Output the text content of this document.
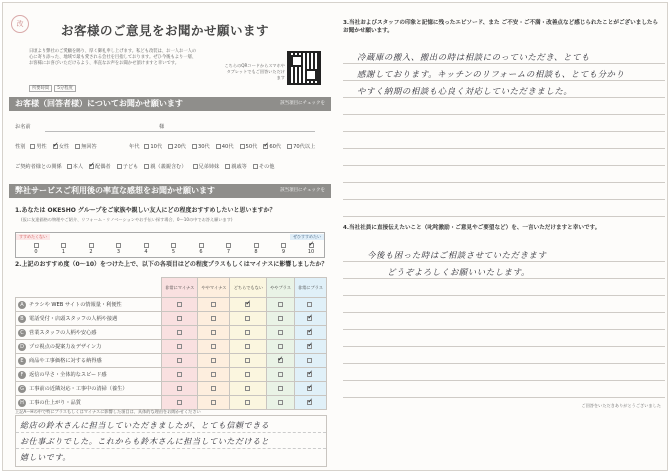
改	お客様のご意見をお聞かせ願います
日頃より弊社のご愛顧を賜り、厚く御礼申し上げます。私ども改装は、お一人お一人の心に寄り添った、地域で最も愛される会社を目指しております。ぜひ今後もより一層、お客様にお喜びいただけるよう、率直なお声をお聞かせ頂けますと幸いです。
所要時間 5分程度
こちらのQRコードからスマホやタブレットでもご回答いただけます
お客様（回答者様）についてお聞かせ願います	該当項目にチェックを
お名前	様
性別 男性 ✓ 女性 無回答	年代 10代 20代 30代 40代 50代 ✓ 60代 70代以上
ご契約者様との関係 本人 ✓ 配偶者 子ども 親（義親含む） 兄弟姉妹 親戚等 その他
弊社サービスご利用後の率直な感想をお聞かせ願います	該当項目にチェックを
1.あなたは OKESHO グループをご家族や親しい友人にどの程度おすすめしたいと思いますか？
(仮に友達価格の物理やご紹介、リフォーム・リノベーションやお手伝い探す場合、0〜10の中でお答え願います)
すすめたくない	ぜひすすめたい
0	1	2	3	4	5	6	7	8	9
✓	10
2.上記のおすすめ度（0〜10）をつけた上で、以下の各項目はどの程度プラスもしくはマイナスに影響しましたか？
	非常にマイナス	ややマイナス	どちらでもない	ややプラス	非常にプラス
A チラシや WEB サイトの情報量・利便性			✓		
B 電話受付・店頭スタッフの人柄や接遇					✓
C 営業スタッフの人柄や安心感					✓
D プロ視点の提案力＆デザイン力					✓
E 商品や工事価格に対する納得感				✓	
F 返信の早さ・全体的なスピード感					✓
G 工事前の近隣対応・工事中の清掃（養生）					✓
H 工事の仕上がり・品質					✓
上記A〜Hの中で特にプラスもしくはマイナスに影響した項目は、具体的な理由をお聞かせください
総店の鈴木さんに担当していただきましたが、とても信頼できる
お仕事ぶりでした。これからも鈴木さんに担当していただけると
嬉しいです。
3.当社およびスタッフの印象と記憶に残ったエピソード、また ご不安・ご不満・改善点など感じられたことがございましたらお聞かせ願います。
冷蔵庫の搬入、搬出の時は相談にのっていただき、とても
感謝しております。キッチンのリフォームの相談も、とても分かり
やすく納期の相談も心良く対応していただきました。
4.当社社員に直接伝えたいこと（叱咤激励・ご意見やご要望など）を、一言いただけますと幸いです。
今後も困った時はご相談させていただきます
どうぞよろしくお願いいたします。
ご回答をいただきありがとうございました
